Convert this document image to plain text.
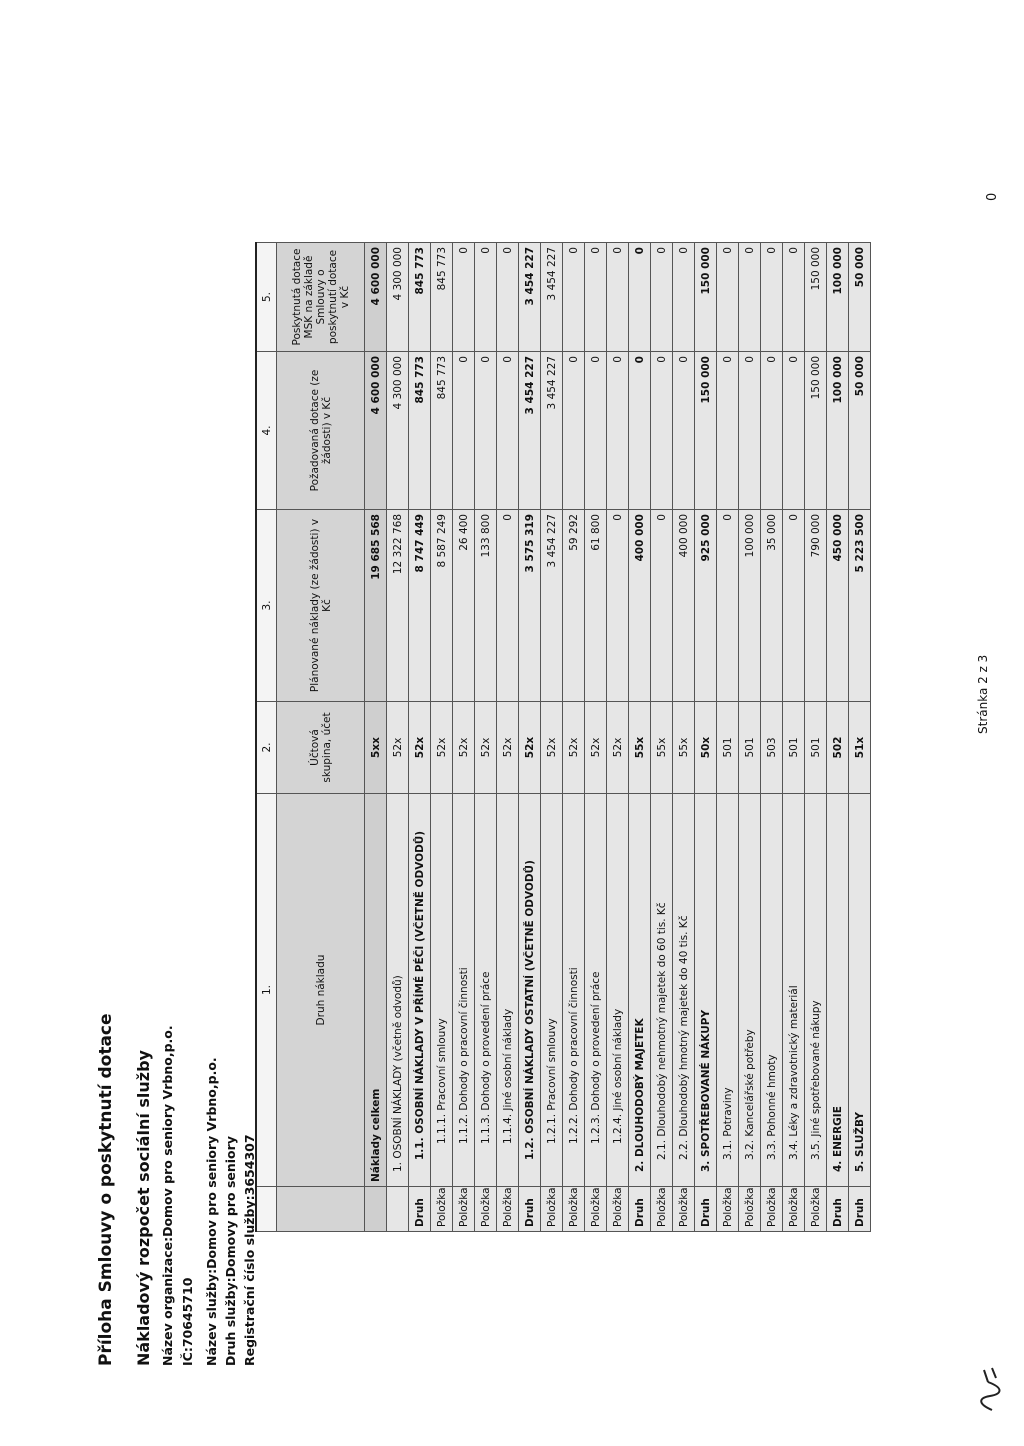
Příloha Smlouvy o poskytnutí dotace Nákladový rozpočet sociální služby Název organizace:Domov pro seniory Vrbno,p.o. IČ:70645710 Název služby:Domov pro seniory Vrbno,p.o. Druh služby:Domovy pro seniory Registrační číslo služby:3654307
1.
2.
3.
4.
5.
Druh nákladu
Účtová skupina, účet
Plánované náklady (ze žádosti) v Kč
Požadovaná dotace (ze žádosti) v Kč
Poskytnutá dotace MSK na základě Smlouvy o poskytnutí dotace v Kč
Náklady celkem
5xx
19 685 568
4 600 000
4 600 000
1. OSOBNÍ NÁKLADY (včetně odvodů)
52x
12 322 768
4 300 000
4 300 000
Druh
1.1. OSOBNÍ NÁKLADY V PŘÍMÉ PÉČI (VČETNĚ ODVODŮ)
52x
8 747 449
845 773
845 773
Položka
1.1.1. Pracovní smlouvy
52x
8 587 249
845 773
845 773
Položka
1.1.2. Dohody o pracovní činnosti
52x
26 400
0
0
Položka
1.1.3. Dohody o provedení práce
52x
133 800
0
0
Položka
1.1.4. Jiné osobní náklady
52x
0
0
0
Druh
1.2. OSOBNÍ NÁKLADY OSTATNÍ (VČETNĚ ODVODŮ)
52x
3 575 319
3 454 227
3 454 227
Položka
1.2.1. Pracovní smlouvy
52x
3 454 227
3 454 227
3 454 227
Položka
1.2.2. Dohody o pracovní činnosti
52x
59 292
0
0
Položka
1.2.3. Dohody o provedení práce
52x
61 800
0
0
Položka
1.2.4. Jiné osobní náklady
52x
0
0
0
Druh
2. DLOUHODOBÝ MAJETEK
55x
400 000
0
0
Položka
2.1. Dlouhodobý nehmotný majetek do 60 tis. Kč
55x
0
0
0
Položka
2.2. Dlouhodobý hmotný majetek do 40 tis. Kč
55x
400 000
0
0
Druh
3. SPOTŘEBOVANÉ NÁKUPY
50x
925 000
150 000
150 000
Položka
3.1. Potraviny
501
0
0
0
Položka
3.2. Kancelářské potřeby
501
100 000
0
0
Položka
3.3. Pohonné hmoty
503
35 000
0
0
Položka
3.4. Léky a zdravotnický materiál
501
0
0
0
Položka
3.5. Jiné spotřebované nákupy
501
790 000
150 000
150 000
Druh
4. ENERGIE
502
450 000
100 000
100 000
Druh
5. SLUŽBY
51x
5 223 500
50 000
50 000
0
Stránka 2 z 3
